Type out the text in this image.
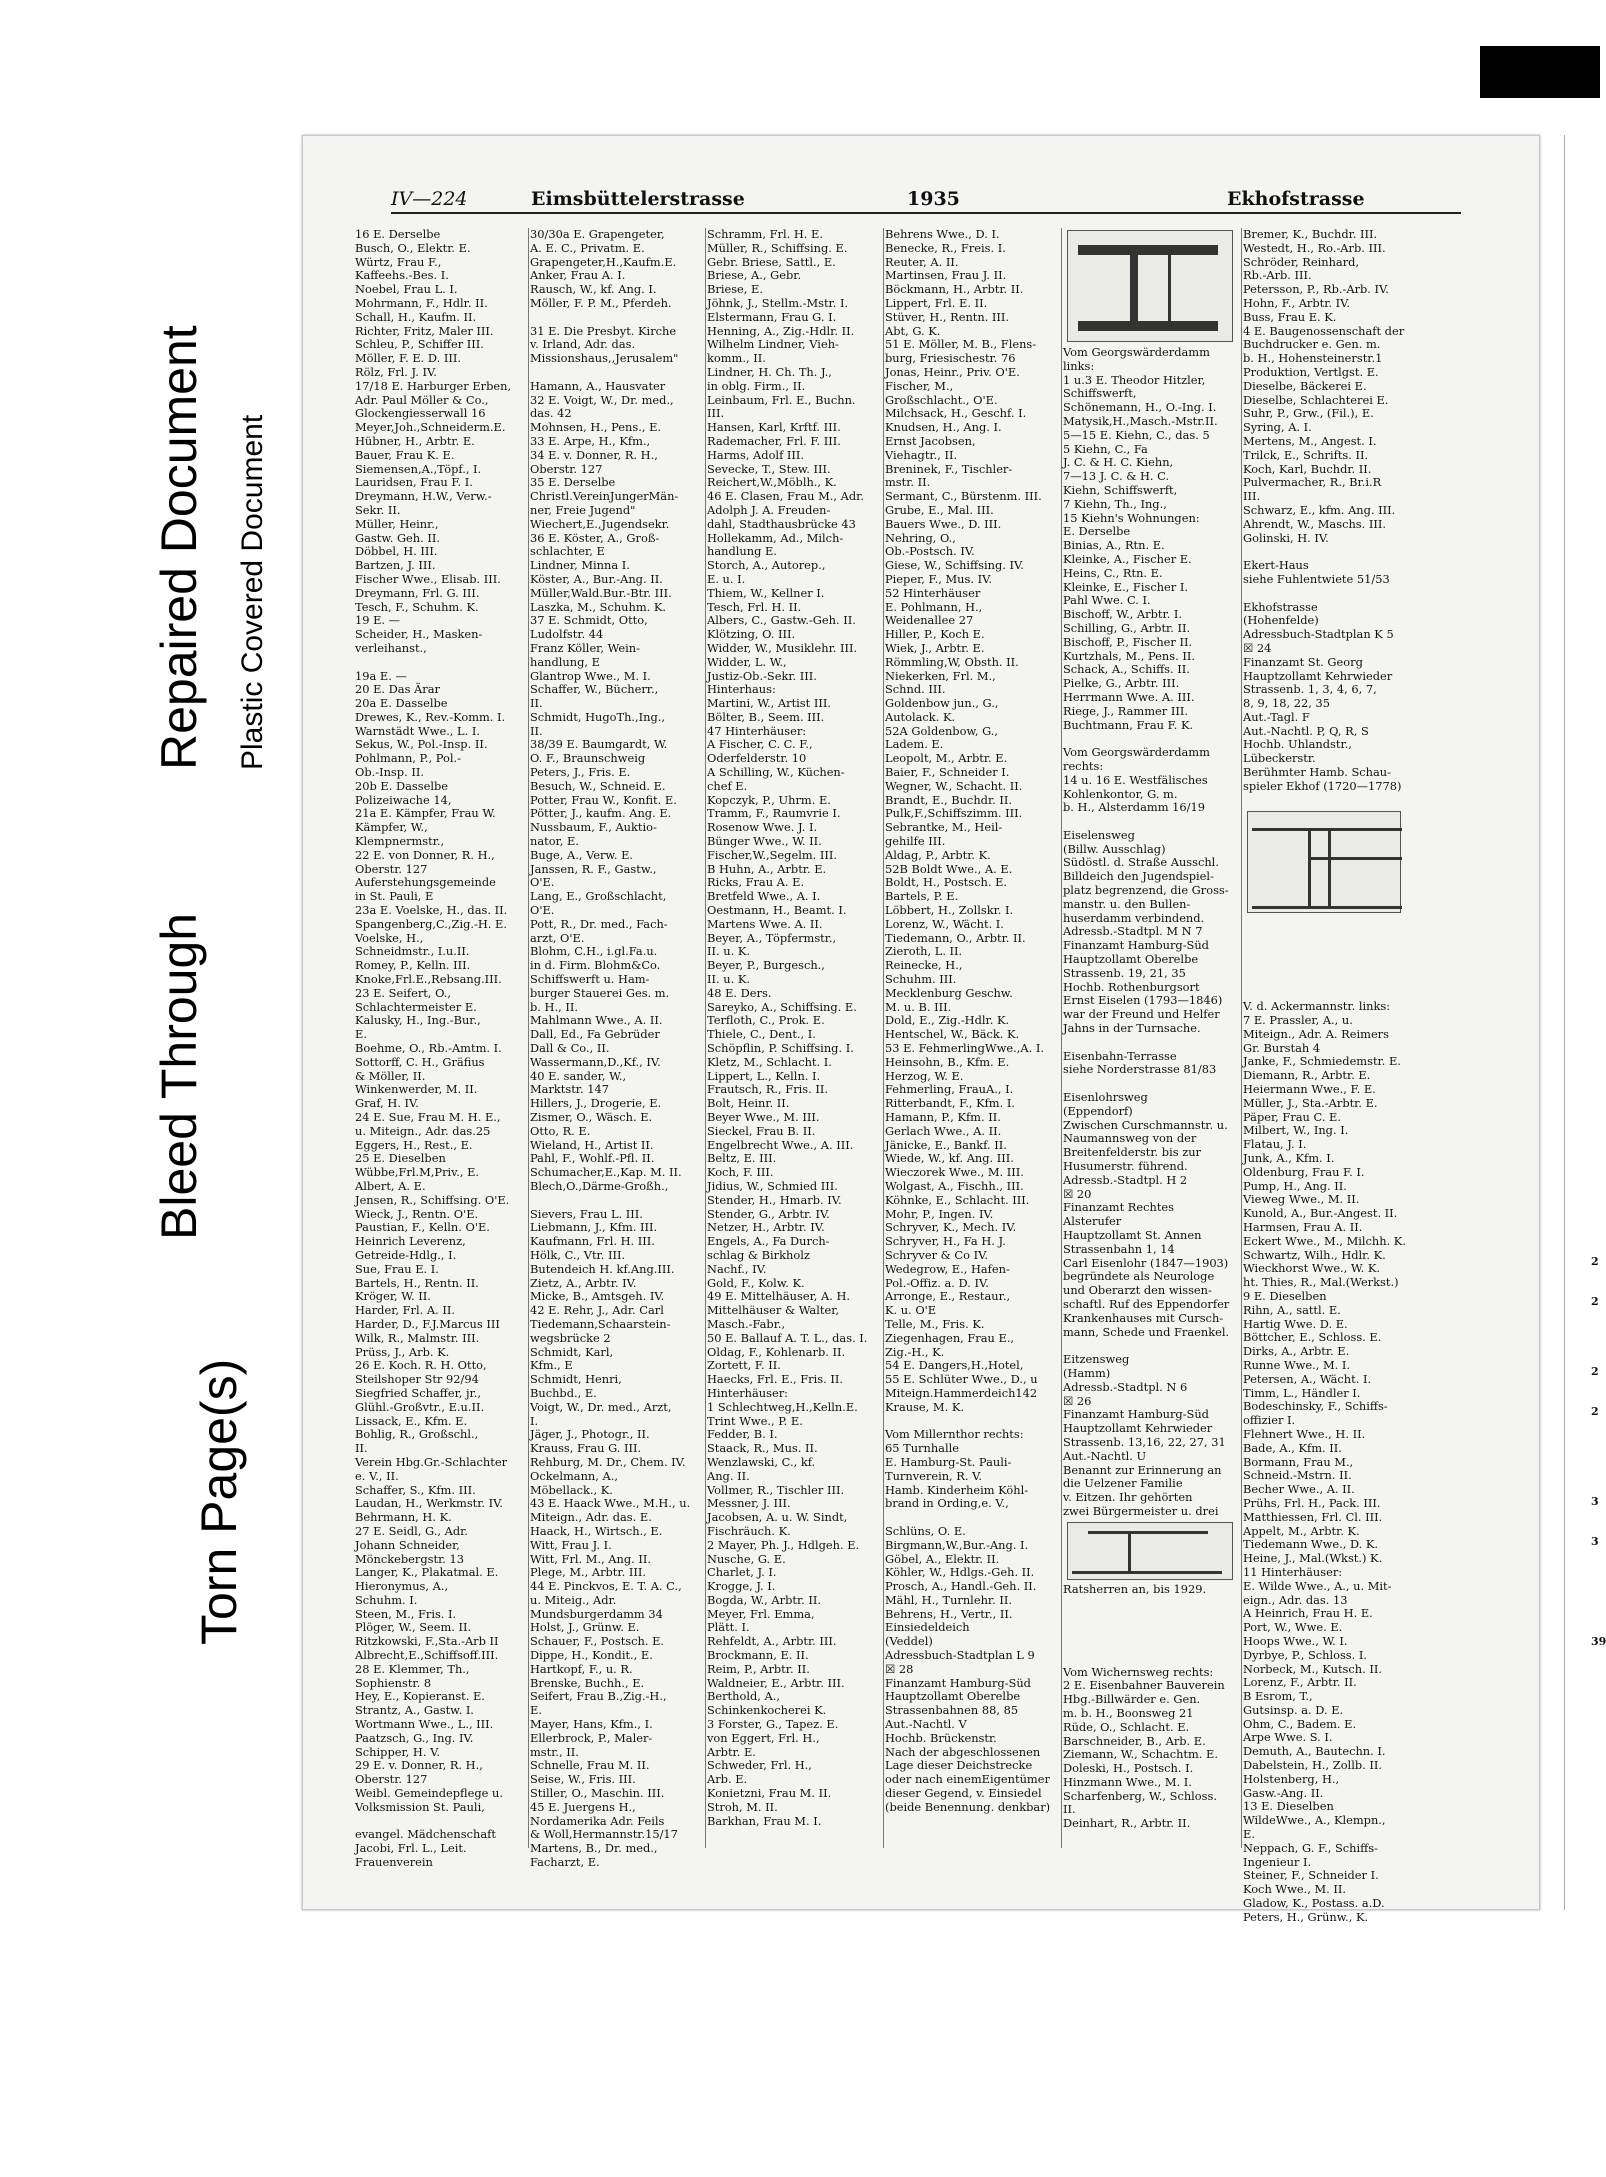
Bleed Through
Repaired Document Plastic Covered Document
Torn Page(s)
IV—224	Eimsbüttelerstrasse	1935	Ekhofstrasse
16 E. Derselbe
Busch, O., Elektr. E.
Würtz, Frau F.,
Kaffeehs.-Bes. I.
Noebel, Frau L. I.
Mohrmann, F., Hdlr. II.
Schall, H., Kaufm. II.
Richter, Fritz, Maler III.
Schleu, P., Schiffer III.
Möller, F. E. D. III.
Rölz, Frl. J. IV.
17/18 E. Harburger Erben,
Adr. Paul Möller & Co.,
Glockengiesserwall 16
Meyer,Joh.,Schneiderm.E.
Hübner, H., Arbtr. E.
Bauer, Frau K. E.
Siemensen,A.,Töpf., I.
Lauridsen, Frau F. I.
Dreymann, H.W., Verw.-
Sekr. II.
Müller, Heinr.,
Gastw. Geh. II.
Döbbel, H. III.
Bartzen, J. III.
Fischer Wwe., Elisab. III.
Dreymann, Frl. G. III.
Tesch, F., Schuhm. K.
19 E. —
Scheider, H., Masken-
verleihanst.,

19a E. —
20 E. Das Ärar
20a E. Dasselbe
Drewes, K., Rev.-Komm. I.
Warnstädt Wwe., L. I.
Sekus, W., Pol.-Insp. II.
Pohlmann, P., Pol.-
Ob.-Insp. II.
20b E. Dasselbe
Polizeiwache 14,
21a E. Kämpfer, Frau W.
Kämpfer, W.,
Klempnermstr.,
22 E. von Donner, R. H.,
Oberstr. 127
Auferstehungsgemeinde
in St. Pauli, E
23a E. Voelske, H., das. II.
Spangenberg,C.,Zig.-H. E.
Voelske, H.,
Schneidmstr., I.u.II.
Romey, P., Kelln. III.
Knoke,Frl.E.,Rebsang.III.
23 E. Seifert, O.,
Schlachtermeister E.
Kalusky, H., Ing.-Bur.,
E.
Boehme, O., Rb.-Amtm. I.
Sottorff, C. H., Gräfius
& Möller, II.
Winkenwerder, M. II.
Graf, H. IV.
24 E. Sue, Frau M. H. E.,
u. Miteign., Adr. das.25
Eggers, H., Rest., E.
25 E. Dieselben
Wübbe,Frl.M,Priv., E.
Albert, A. E.
Jensen, R., Schiffsing. O'E.
Wieck, J., Rentn. O'E.
Paustian, F., Kelln. O'E.
Heinrich Leverenz,
Getreide-Hdlg., I.
Sue, Frau E. I.
Bartels, H., Rentn. II.
Kröger, W. II.
Harder, Frl. A. II.
Harder, D., F.J.Marcus III
Wilk, R., Malmstr. III.
Prüss, J., Arb. K.
26 E. Koch. R. H. Otto,
Steilshoper Str 92/94
Siegfried Schaffer, jr.,
Glühl.-Großvtr., E.u.II.
Lissack, E., Kfm. E.
Bohlig, R., Großschl.,
II.
Verein Hbg.Gr.-Schlachter
e. V., II.
Schaffer, S., Kfm. III.
Laudan, H., Werkmstr. IV.
Behrmann, H. K.
27 E. Seidl, G., Adr.
Johann Schneider,
Mönckebergstr. 13
Langer, K., Plakatmal. E.
Hieronymus, A.,
Schuhm. I.
Steen, M., Fris. I.
Plöger, W., Seem. II.
Ritzkowski, F.,Sta.-Arb II
Albrecht,E.,Schiffsoff.III.
28 E. Klemmer, Th.,
Sophienstr. 8
Hey, E., Kopieranst. E.
Strantz, A., Gastw. I.
Wortmann Wwe., L., III.
Paatzsch, G., Ing. IV.
Schipper, H. V.
29 E. v. Donner, R. H.,
Oberstr. 127
Weibl. Gemeindepflege u.
Volksmission St. Pauli,

evangel. Mädchenschaft
Jacobi, Frl. L., Leit.
Frauenverein
30/30a E. Grapengeter,
A. E. C., Privatm. E.
Grapengeter,H.,Kaufm.E.
Anker, Frau A. I.
Rausch, W., kf. Ang. I.
Möller, F. P. M., Pferdeh.

31 E. Die Presbyt. Kirche
v. Irland, Adr. das.
Missionshaus,,Jerusalem"

Hamann, A., Hausvater
32 E. Voigt, W., Dr. med.,
das. 42
Mohnsen, H., Pens., E.
33 E. Arpe, H., Kfm.,
34 E. v. Donner, R. H.,
Oberstr. 127
35 E. Derselbe
Christl.VereinJungerMän-
ner, Freie Jugend"
Wiechert,E.,Jugendsekr.
36 E. Köster, A., Groß-
schlachter, E
Lindner, Minna I.
Köster, A., Bur.-Ang. II.
Müller,Wald.Bur.-Btr. III.
Laszka, M., Schuhm. K.
37 E. Schmidt, Otto,
Ludolfstr. 44
Franz Köller, Wein-
handlung, E
Glantrop Wwe., M. I.
Schaffer, W., Bücherr.,
II.
Schmidt, HugoTh.,Ing.,
II.
38/39 E. Baumgardt, W.
O. F., Braunschweig
Peters, J., Fris. E.
Besuch, W., Schneid. E.
Potter, Frau W., Konfit. E.
Pötter, J., kaufm. Ang. E.
Nussbaum, F., Auktio-
nator, E.
Buge, A., Verw. E.
Janssen, R. F., Gastw.,
O'E.
Lang, E., Großschlacht,
O'E.
Pott, R., Dr. med., Fach-
arzt, O'E.
Blohm, C.H., i.gl.Fa.u.
in d. Firm. Blohm&Co.
Schiffswerft u. Ham-
burger Stauerei Ges. m.
b. H., II.
Mahlmann Wwe., A. II.
Dall, Ed., Fa Gebrüder
Dall & Co., II.
Wassermann,D.,Kf., IV.
40 E. sander, W.,
Marktstr. 147
Hillers, J., Drogerie, E.
Zismer, O., Wäsch. E.
Otto, R. E.
Wieland, H., Artist II.
Pahl, F., Wohlf.-Pfl. II.
Schumacher,E.,Kap. M. II.
Blech,O.,Därme-Großh.,

Sievers, Frau L. III.
Liebmann, J., Kfm. III.
Kaufmann, Frl. H. III.
Hölk, C., Vtr. III.
Butendeich H. kf.Ang.III.
Zietz, A., Arbtr. IV.
Micke, B., Amtsgeh. IV.
42 E. Rehr, J., Adr. Carl
Tiedemann,Schaarstein-
wegsbrücke 2
Schmidt, Karl,
Kfm., E
Schmidt, Henri,
Buchbd., E.
Voigt, W., Dr. med., Arzt,
I.
Jäger, J., Photogr., II.
Krauss, Frau G. III.
Rehburg, M. Dr., Chem. IV.
Ockelmann, A.,
Möbellack., K.
43 E. Haack Wwe., M.H., u.
Miteign., Adr. das. E.
Haack, H., Wirtsch., E.
Witt, Frau J. I.
Witt, Frl. M., Ang. II.
Plege, M., Arbtr. III.
44 E. Pinckvos, E. T. A. C.,
u. Miteig., Adr.
Mundsburgerdamm 34
Holst, J., Grünw. E.
Schauer, F., Postsch. E.
Dippe, H., Kondit., E.
Hartkopf, F., u. R.
Brenske, Buchh., E.
Seifert, Frau B.,Zig.-H.,
E.
Mayer, Hans, Kfm., I.
Ellerbrock, P., Maler-
mstr., II.
Schnelle, Frau M. II.
Seise, W., Fris. III.
Stiller, O., Maschin. III.
45 E. Juergens H.,
Nordamerika Adr. Feils
& Woll,Hermannstr.15/17
Martens, B., Dr. med.,
Facharzt, E.
Schramm, Frl. H. E.
Müller, R., Schiffsing. E.
Gebr. Briese, Sattl., E.
Briese, A., Gebr.
Briese, E.
Jöhnk, J., Stellm.-Mstr. I.
Elstermann, Frau G. I.
Henning, A., Zig.-Hdlr. II.
Wilhelm Lindner, Vieh-
komm., II.
Lindner, H. Ch. Th. J.,
in oblg. Firm., II.
Leinbaum, Frl. E., Buchn.
III.
Hansen, Karl, Krftf. III.
Rademacher, Frl. F. III.
Harms, Adolf III.
Sevecke, T., Stew. III.
Reichert,W.,Möblh., K.
46 E. Clasen, Frau M., Adr.
Adolph J. A. Freuden-
dahl, Stadthausbrücke 43
Hollekamm, Ad., Milch-
handlung E.
Storch, A., Autorep.,
E. u. I.
Thiem, W., Kellner I.
Tesch, Frl. H. II.
Albers, C., Gastw.-Geh. II.
Klötzing, O. III.
Widder, W., Musiklehr. III.
Widder, L. W.,
Justiz-Ob.-Sekr. III.
Hinterhaus:
Martini, W., Artist III.
Bölter, B., Seem. III.
47 Hinterhäuser:
A Fischer, C. C. F.,
Oderfelderstr. 10
A Schilling, W., Küchen-
chef E.
Kopczyk, P., Uhrm. E.
Tramm, F., Raumvrie I.
Rosenow Wwe. J. I.
Bünger Wwe., W. II.
Fischer,W.,Segelm. III.
B Huhn, A., Arbtr. E.
Ricks, Frau A. E.
Bretfeld Wwe., A. I.
Oestmann, H., Beamt. I.
Martens Wwe. A. II.
Beyer, A., Töpfermstr.,
II. u. K.
Beyer, P., Burgesch.,
II. u. K.
48 E. Ders.
Sareyko, A., Schiffsing. E.
Terfloth, C., Prok. E.
Thiele, C., Dent., I.
Schöpflin, P. Schiffsing. I.
Kletz, M., Schlacht. I.
Lippert, L., Kelln. I.
Frautsch, R., Fris. II.
Bolt, Heinr. II.
Beyer Wwe., M. III.
Sieckel, Frau B. II.
Engelbrecht Wwe., A. III.
Beltz, E. III.
Koch, F. III.
Jidius, W., Schmied III.
Stender, H., Hmarb. IV.
Stender, G., Arbtr. IV.
Netzer, H., Arbtr. IV.
Engels, A., Fa Durch-
schlag & Birkholz
Nachf., IV.
Gold, F., Kolw. K.
49 E. Mittelhäuser, A. H.
Mittelhäuser & Walter,
Masch.-Fabr.,
50 E. Ballauf A. T. L., das. I.
Oldag, F., Kohlenarb. II.
Zortett, F. II.
Haecks, Frl. E., Fris. II.
Hinterhäuser:
1 Schlechtweg,H.,Kelln.E.
Trint Wwe., P. E.
Fedder, B. I.
Staack, R., Mus. II.
Wenzlawski, C., kf.
Ang. II.
Vollmer, R., Tischler III.
Messner, J. III.
Jacobsen, A. u. W. Sindt,
Fischräuch. K.
2 Mayer, Ph. J., Hdlgeh. E.
Nusche, G. E.
Charlet, J. I.
Krogge, J. I.
Bogda, W., Arbtr. II.
Meyer, Frl. Emma,
Plätt. I.
Rehfeldt, A., Arbtr. III.
Brockmann, E. II.
Reim, P., Arbtr. II.
Waldneier, E., Arbtr. III.
Berthold, A.,
Schinkenkocherei K.
3 Forster, G., Tapez. E.
von Eggert, Frl. H.,
Arbtr. E.
Schweder, Frl. H.,
Arb. E.
Konietzni, Frau M. II.
Stroh, M. II.
Barkhan, Frau M. I.
Behrens Wwe., D. I.
Benecke, R., Freis. I.
Reuter, A. II.
Martinsen, Frau J. II.
Böckmann, H., Arbtr. II.
Lippert, Frl. E. II.
Stüver, H., Rentn. III.
Abt, G. K.
51 E. Möller, M. B., Flens-
burg, Friesischestr. 76
Jonas, Heinr., Priv. O'E.
Fischer, M.,
Großschlacht., O'E.
Milchsack, H., Geschf. I.
Knudsen, H., Ang. I.
Ernst Jacobsen,
Viehagtr., II.
Breninek, F., Tischler-
mstr. II.
Sermant, C., Bürstenm. III.
Grube, E., Mal. III.
Bauers Wwe., D. III.
Nehring, O.,
Ob.-Postsch. IV.
Giese, W., Schiffsing. IV.
Pieper, F., Mus. IV.
52 Hinterhäuser
E. Pohlmann, H.,
Weidenallee 27
Hiller, P., Koch E.
Wiek, J., Arbtr. E.
Römmling,W, Obsth. II.
Niekerken, Frl. M.,
Schnd. III.
Goldenbow jun., G.,
Autolack. K.
52A Goldenbow, G.,
Ladem. E.
Leopolt, M., Arbtr. E.
Baier, F., Schneider I.
Wegner, W., Schacht. II.
Brandt, E., Buchdr. II.
Pulk,F.,Schiffszimm. III.
Sebrantke, M., Heil-
gehilfe III.
Aldag, P., Arbtr. K.
52B Boldt Wwe., A. E.
Boldt, H., Postsch. E.
Bartels, P. E.
Löbbert, H., Zollskr. I.
Lorenz, W., Wächt. I.
Tiedemann, O., Arbtr. II.
Zieroth, L. II.
Reinecke, H.,
Schuhm. III.
Mecklenburg Geschw.
M. u. B. III.
Dold, E., Zig.-Hdlr. K.
Hentschel, W., Bäck. K.
53 E. FehmerlingWwe.,A. I.
Heinsohn, B., Kfm. E.
Herzog, W. E.
Fehmerling, FrauA., I.
Ritterbandt, F., Kfm. I.
Hamann, P., Kfm. II.
Gerlach Wwe., A. II.
Jänicke, E., Bankf. II.
Wiede, W., kf. Ang. III.
Wieczorek Wwe., M. III.
Wolgast, A., Fischh., III.
Köhnke, E., Schlacht. III.
Mohr, P., Ingen. IV.
Schryver, K., Mech. IV.
Schryver, H., Fa H. J.
Schryver & Co IV.
Wedegrow, E., Hafen-
Pol.-Offiz. a. D. IV.
Arronge, E., Restaur.,
K. u. O'E
Telle, M., Fris. K.
Ziegenhagen, Frau E.,
Zig.-H., K.
54 E. Dangers,H.,Hotel,
55 E. Schlüter Wwe., D., u
Miteign.Hammerdeich142
Krause, M. K.

Vom Millernthor rechts:
65 Turnhalle
E. Hamburg-St. Pauli-
Turnverein, R. V.
Hamb. Kinderheim Köhl-
brand in Ording,e. V.,

Schlüns, O. E.
Birgmann,W.,Bur.-Ang. I.
Göbel, A., Elektr. II.
Köhler, W., Hdlgs.-Geh. II.
Prosch, A., Handl.-Geh. II.
Mähl, H., Turnlehr. II.
Behrens, H., Vertr., II.
Einsiedeldeich
(Veddel)
Adressbuch-Stadtplan L 9
☒ 28
Finanzamt Hamburg-Süd
Hauptzollamt Oberelbe
Strassenbahnen 88, 85
Aut.-Nachtl. V
Hochb. Brückenstr.
Nach der abgeschlossenen
Lage dieser Deichstrecke
oder nach einemEigentümer
dieser Gegend, v. Einsiedel
(beide Benennung. denkbar)
Vom Georgswärderdamm
links:
1 u.3 E. Theodor Hitzler,
Schiffswerft,
Schönemann, H., O.-Ing. I.
Matysik,H.,Masch.-Mstr.II.
5—15 E. Kiehn, C., das. 5
5 Kiehn, C., Fa
J. C. & H. C. Kiehn,
7—13 J. C. & H. C.
Kiehn, Schiffswerft,
7 Kiehn, Th., Ing.,
15 Kiehn's Wohnungen:
E. Derselbe
Binias, A., Rtn. E.
Kleinke, A., Fischer E.
Heins, C., Rtn. E.
Kleinke, E., Fischer I.
Pahl Wwe. C. I.
Bischoff, W., Arbtr. I.
Schilling, G., Arbtr. II.
Bischoff, P., Fischer II.
Kurtzhals, M., Pens. II.
Schack, A., Schiffs. II.
Pielke, G., Arbtr. III.
Herrmann Wwe. A. III.
Riege, J., Rammer III.
Buchtmann, Frau F. K.

Vom Georgswärderdamm
rechts:
14 u. 16 E. Westfälisches
Kohlenkontor, G. m.
b. H., Alsterdamm 16/19

Eiselensweg
(Billw. Ausschlag)
Südöstl. d. Straße Ausschl.
Billdeich den Jugendspiel-
platz begrenzend, die Gross-
manstr. u. den Bullen-
huserdamm verbindend.
Adressb.-Stadtpl. M N 7
Finanzamt Hamburg-Süd
Hauptzollamt Oberelbe
Strassenb. 19, 21, 35
Hochb. Rothenburgsort
Ernst Eiselen (1793—1846)
war der Freund und Helfer
Jahns in der Turnsache.

Eisenbahn-Terrasse
siehe Norderstrasse 81/83

Eisenlohrsweg
(Eppendorf)
Zwischen Curschmannstr. u.
Naumannsweg von der
Breitenfelderstr. bis zur
Husumerstr. führend.
Adressb.-Stadtpl. H 2
☒ 20
Finanzamt Rechtes
Alsterufer
Hauptzollamt St. Annen
Strassenbahn 1, 14
Carl Eisenlohr (1847—1903)
begründete als Neurologe
und Oberarzt den wissen-
schaftl. Ruf des Eppendorfer
Krankenhauses mit Cursch-
mann, Schede und Fraenkel.

Eitzensweg
(Hamm)
Adressb.-Stadtpl. N 6
☒ 26
Finanzamt Hamburg-Süd
Hauptzollamt Kehrwieder
Strassenb. 13,16, 22, 27, 31
Aut.-Nachtl. U
Benannt zur Erinnerung an
die Uelzener Familie
v. Eitzen. Ihr gehörten
zwei Bürgermeister u. drei
Ratsherren an, bis 1929.

Vom Wichernsweg rechts:
2 E. Eisenbahner Bauverein
Hbg.-Billwärder e. Gen.
m. b. H., Boonsweg 21
Rüde, O., Schlacht. E.
Barschneider, B., Arb. E.
Ziemann, W., Schachtm. E.
Doleski, H., Postsch. I.
Hinzmann Wwe., M. I.
Scharfenberg, W., Schloss.
II.
Deinhart, R., Arbtr. II.
Bremer, K., Buchdr. III.
Westedt, H., Ro.-Arb. III.
Schröder, Reinhard,
Rb.-Arb. III.
Petersson, P., Rb.-Arb. IV.
Hohn, F., Arbtr. IV.
Buss, Frau E. K.
4 E. Baugenossenschaft der
Buchdrucker e. Gen. m.
b. H., Hohensteinerstr.1
Produktion, Vertlgst. E.
Dieselbe, Bäckerei E.
Dieselbe, Schlachterei E.
Suhr, P., Grw., (Fil.), E.
Syring, A. I.
Mertens, M., Angest. I.
Trilck, E., Schrifts. II.
Koch, Karl, Buchdr. II.
Pulvermacher, R., Br.i.R
III.
Schwarz, E., kfm. Ang. III.
Ahrendt, W., Maschs. III.
Golinski, H. IV.

Ekert-Haus
siehe Fuhlentwiete 51/53

Ekhofstrasse
(Hohenfelde)
Adressbuch-Stadtplan K 5
☒ 24
Finanzamt St. Georg
Hauptzollamt Kehrwieder
Strassenb. 1, 3, 4, 6, 7,
8, 9, 18, 22, 35
Aut.-Tagl. F
Aut.-Nachtl. P, Q, R, S
Hochb. Uhlandstr.,
Lübeckerstr.
Berühmter Hamb. Schau-
spieler Ekhof (1720—1778)

V. d. Ackermannstr. links:
7 E. Prassler, A., u.
Miteign., Adr. A. Reimers
Gr. Burstah 4
Janke, F., Schmiedemstr. E.
Diemann, R., Arbtr. E.
Heiermann Wwe., F. E.
Müller, J., Sta.-Arbtr. E.
Päper, Frau C. E.
Milbert, W., Ing. I.
Flatau, J. I.
Junk, A., Kfm. I.
Oldenburg, Frau F. I.
Pump, H., Ang. II.
Vieweg Wwe., M. II.
Kunold, A., Bur.-Angest. II.
Harmsen, Frau A. II.
Eckert Wwe., M., Milchh. K.
Schwartz, Wilh., Hdlr. K.
Wieckhorst Wwe., W. K.
ht. Thies, R., Mal.(Werkst.)
9 E. Dieselben
Rihn, A., sattl. E.
Hartig Wwe. D. E.
Böttcher, E., Schloss. E.
Dirks, A., Arbtr. E.
Runne Wwe., M. I.
Petersen, A., Wächt. I.
Timm, L., Händler I.
Bodeschinsky, F., Schiffs-
offizier I.
Flehnert Wwe., H. II.
Bade, A., Kfm. II.
Bormann, Frau M.,
Schneid.-Mstrn. II.
Becher Wwe., A. II.
Prühs, Frl. H., Pack. III.
Matthiessen, Frl. Cl. III.
Appelt, M., Arbtr. K.
Tiedemann Wwe., D. K.
Heine, J., Mal.(Wkst.) K.
11 Hinterhäuser:
E. Wilde Wwe., A., u. Mit-
eign., Adr. das. 13
A Heinrich, Frau H. E.
Port, W., Wwe. E.
Hoops Wwe., W. I.
Dyrbye, P., Schloss. I.
Norbeck, M., Kutsch. II.
Lorenz, F., Arbtr. II.
B Esrom, T.,
Gutsinsp. a. D. E.
Ohm, C., Badem. E.
Arpe Wwe. S. I.
Demuth, A., Bautechn. I.
Dabelstein, H., Zollb. II.
Holstenberg, H.,
Gasw.-Ang. II.
13 E. Dieselben
WildeWwe., A., Klempn.,
E.
Neppach, G. F., Schiffs-
Ingenieur I.
Steiner, F., Schneider I.
Koch Wwe., M. II.
Gladow, K., Postass. a.D.
Peters, H., Grünw., K.
2
2
2
2
3
3
39
